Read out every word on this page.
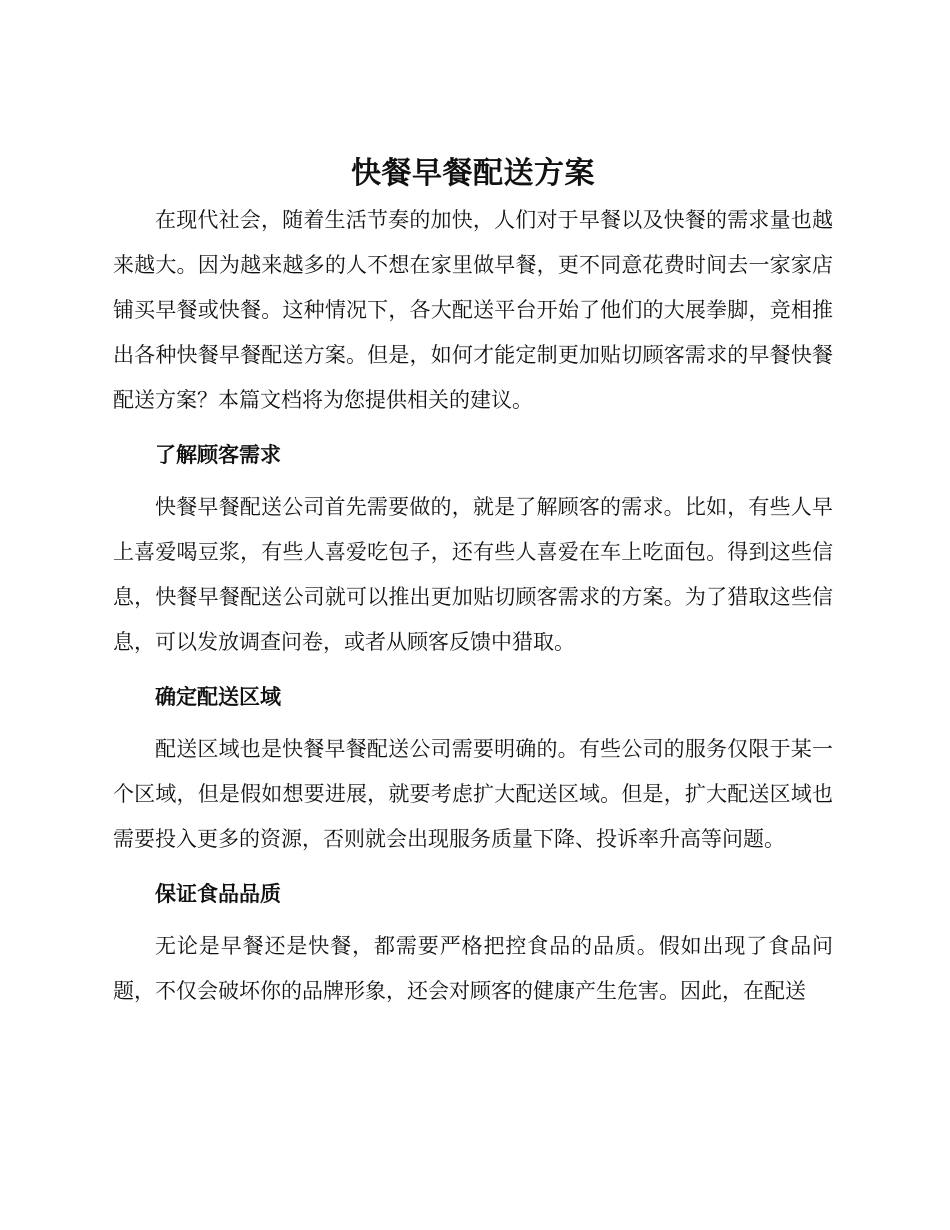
快餐早餐配送方案

在现代社会，随着生活节奏的加快，人们对于早餐以及快餐的需求量也越来越大。因为越来越多的人不想在家里做早餐，更不同意花费时间去一家家店铺买早餐或快餐。这种情况下，各大配送平台开始了他们的大展拳脚，竞相推出各种快餐早餐配送方案。但是，如何才能定制更加贴切顾客需求的早餐快餐配送方案？本篇文档将为您提供相关的建议。

了解顾客需求

快餐早餐配送公司首先需要做的，就是了解顾客的需求。比如，有些人早上喜爱喝豆浆，有些人喜爱吃包子，还有些人喜爱在车上吃面包。得到这些信息，快餐早餐配送公司就可以推出更加贴切顾客需求的方案。为了猎取这些信息，可以发放调查问卷，或者从顾客反馈中猎取。

确定配送区域

配送区域也是快餐早餐配送公司需要明确的。有些公司的服务仅限于某一个区域，但是假如想要进展，就要考虑扩大配送区域。但是，扩大配送区域也需要投入更多的资源，否则就会出现服务质量下降、投诉率升高等问题。

保证食品品质

无论是早餐还是快餐，都需要严格把控食品的品质。假如出现了食品问题，不仅会破坏你的品牌形象，还会对顾客的健康产生危害。因此，在配送
